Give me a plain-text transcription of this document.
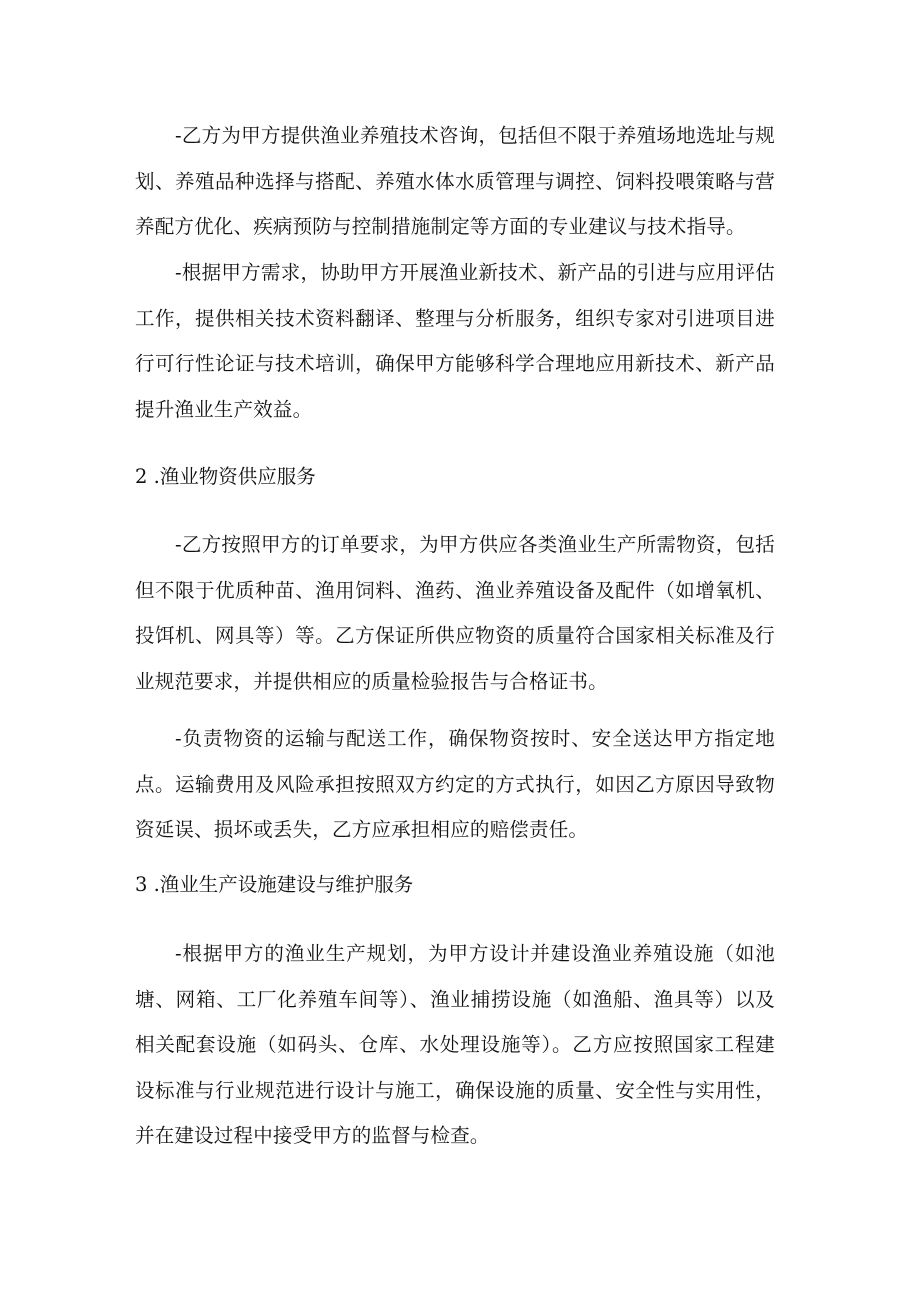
-乙方为甲方提供渔业养殖技术咨询，包括但不限于养殖场地选址与规划、养殖品种选择与搭配、养殖水体水质管理与调控、饲料投喂策略与营养配方优化、疾病预防与控制措施制定等方面的专业建议与技术指导。

-根据甲方需求，协助甲方开展渔业新技术、新产品的引进与应用评估工作，提供相关技术资料翻译、整理与分析服务，组织专家对引进项目进行可行性论证与技术培训，确保甲方能够科学合理地应用新技术、新产品提升渔业生产效益。

2 .渔业物资供应服务

-乙方按照甲方的订单要求，为甲方供应各类渔业生产所需物资，包括但不限于优质种苗、渔用饲料、渔药、渔业养殖设备及配件（如增氧机、投饵机、网具等）等。乙方保证所供应物资的质量符合国家相关标准及行业规范要求，并提供相应的质量检验报告与合格证书。

-负责物资的运输与配送工作，确保物资按时、安全送达甲方指定地点。运输费用及风险承担按照双方约定的方式执行，如因乙方原因导致物资延误、损坏或丢失，乙方应承担相应的赔偿责任。

3 .渔业生产设施建设与维护服务

-根据甲方的渔业生产规划，为甲方设计并建设渔业养殖设施（如池塘、网箱、工厂化养殖车间等）、渔业捕捞设施（如渔船、渔具等）以及相关配套设施（如码头、仓库、水处理设施等）。乙方应按照国家工程建设标准与行业规范进行设计与施工，确保设施的质量、安全性与实用性，并在建设过程中接受甲方的监督与检查。
